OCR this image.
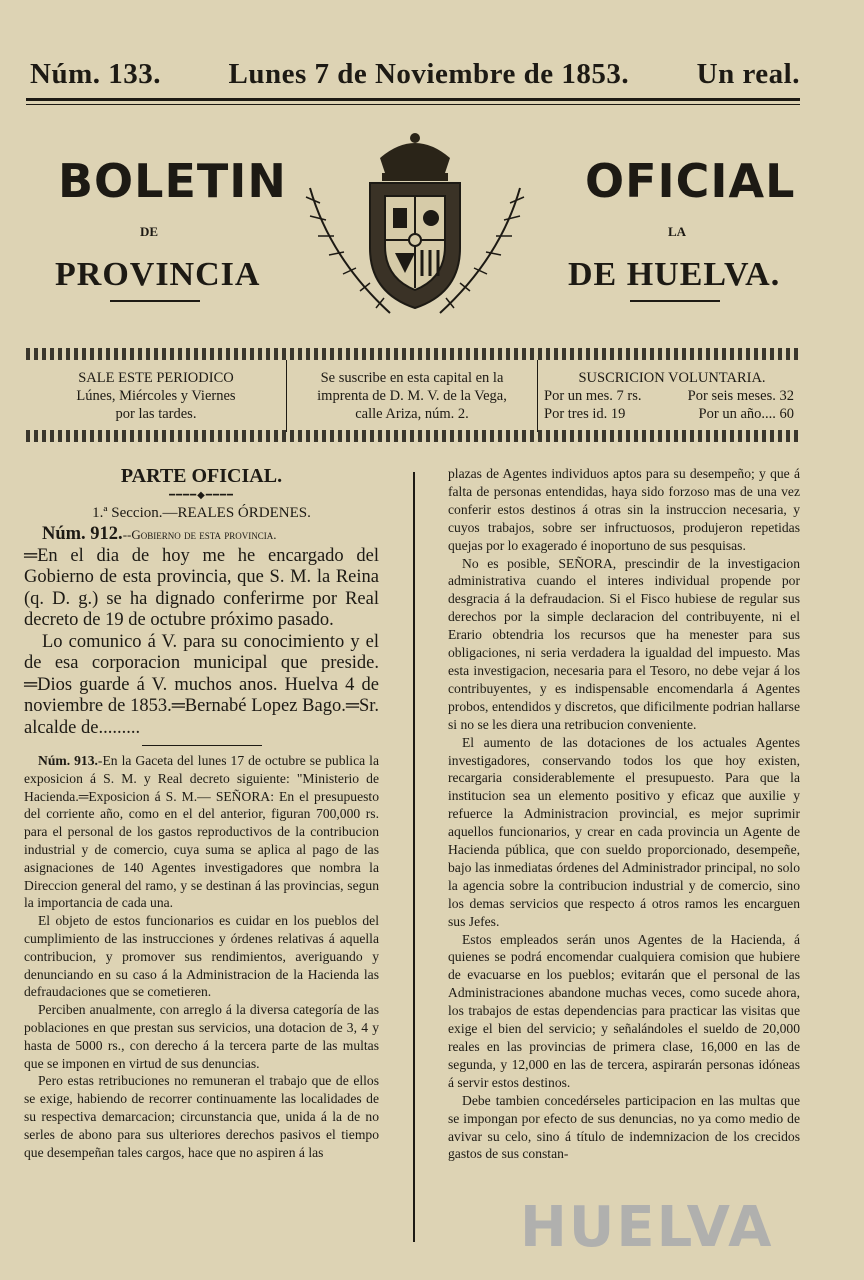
Núm. 133. Lunes 7 de Noviembre de 1853. Un real.
BOLETIN	OFICIAL
DE	LA
PROVINCIA	DE HUELVA.
SALE ESTE PERIODICO
Lúnes, Miércoles y Viernes
por las tardes.
Se suscribe en esta capital en la
imprenta de D. M. V. de la Vega,
calle Ariza, núm. 2.
SUSCRICION VOLUNTARIA.
Por un mes. 7 rs.	Por seis meses. 32
Por tres id. 19	Por un año.... 60
PARTE OFICIAL.
━━━━◆━━━━
1.ª Seccion.—REALES ÓRDENES.

Núm. 912.--Gobierno de esta provincia.

═En el dia de hoy me he encargado del Gobierno de esta provincia, que S. M. la Reina (q. D. g.) se ha dignado conferirme por Real decreto de 19 de octubre próximo pasado.

Lo comunico á V. para su conocimiento y el de esa corporacion municipal que preside. ═Dios guarde á V. muchos anos. Huelva 4 de noviembre de 1853.═Bernabé Lopez Bago.═Sr. alcalde de.........

Núm. 913.-En la Gaceta del lunes 17 de octubre se publica la exposicion á S. M. y Real decreto siguiente: "Ministerio de Hacienda.═Exposicion á S. M.— SEÑORA: En el presupuesto del corriente año, como en el del anterior, figuran 700,000 rs. para el personal de los gastos reproductivos de la contribucion industrial y de comercio, cuya suma se aplica al pago de las asignaciones de 140 Agentes investigadores que nombra la Direccion general del ramo, y se destinan á las provincias, segun la importancia de cada una.

El objeto de estos funcionarios es cuidar en los pueblos del cumplimiento de las instrucciones y órdenes relativas á aquella contribucion, y promover sus rendimientos, averiguando y denunciando en su caso á la Administracion de la Hacienda las defraudaciones que se cometieren.

Perciben anualmente, con arreglo á la diversa categoría de las poblaciones en que prestan sus servicios, una dotacion de 3, 4 y hasta de 5000 rs., con derecho á la tercera parte de las multas que se imponen en virtud de sus denuncias.

Pero estas retribuciones no remuneran el trabajo que de ellos se exige, habiendo de recorrer continuamente las localidades de su respectiva demarcacion; circunstancia que, unida á la de no serles de abono para sus ulteriores derechos pasivos el tiempo que desempeñan tales cargos, hace que no aspiren á las

plazas de Agentes individuos aptos para su desempeño; y que á falta de personas entendidas, haya sido forzoso mas de una vez conferir estos destinos á otras sin la instruccion necesaria, y cuyos trabajos, sobre ser infructuosos, produjeron repetidas quejas por lo exagerado é inoportuno de sus pesquisas.

No es posible, SEÑORA, prescindir de la investigacion administrativa cuando el interes individual propende por desgracia á la defraudacion. Si el Fisco hubiese de regular sus derechos por la simple declaracion del contribuyente, ni el Erario obtendria los recursos que ha menester para sus obligaciones, ni seria verdadera la igualdad del impuesto. Mas esta investigacion, necesaria para el Tesoro, no debe vejar á los contribuyentes, y es indispensable encomendarla á Agentes probos, entendidos y discretos, que dificilmente podrian hallarse si no se les diera una retribucion conveniente.

El aumento de las dotaciones de los actuales Agentes investigadores, conservando todos los que hoy existen, recargaria considerablemente el presupuesto. Para que la institucion sea un elemento positivo y eficaz que auxilie y refuerce la Administracion provincial, es mejor suprimir aquellos funcionarios, y crear en cada provincia un Agente de Hacienda pública, que con sueldo proporcionado, desempeñe, bajo las inmediatas órdenes del Administrador principal, no solo la agencia sobre la contribucion industrial y de comercio, sino los demas servicios que respecto á otros ramos les encarguen sus Jefes.

Estos empleados serán unos Agentes de la Hacienda, á quienes se podrá encomendar cualquiera comision que hubiere de evacuarse en los pueblos; evitarán que el personal de las Administraciones abandone muchas veces, como sucede ahora, los trabajos de estas dependencias para practicar las visitas que exige el bien del servicio; y señalándoles el sueldo de 20,000 reales en las provincias de primera clase, 16,000 en las de segunda, y 12,000 en las de tercera, aspirarán personas idóneas á servir estos destinos.

Debe tambien concedérseles participacion en las multas que se impongan por efecto de sus denuncias, no ya como medio de avivar su celo, sino á título de indemnizacion de los crecidos gastos de sus constan-

HUELVA
